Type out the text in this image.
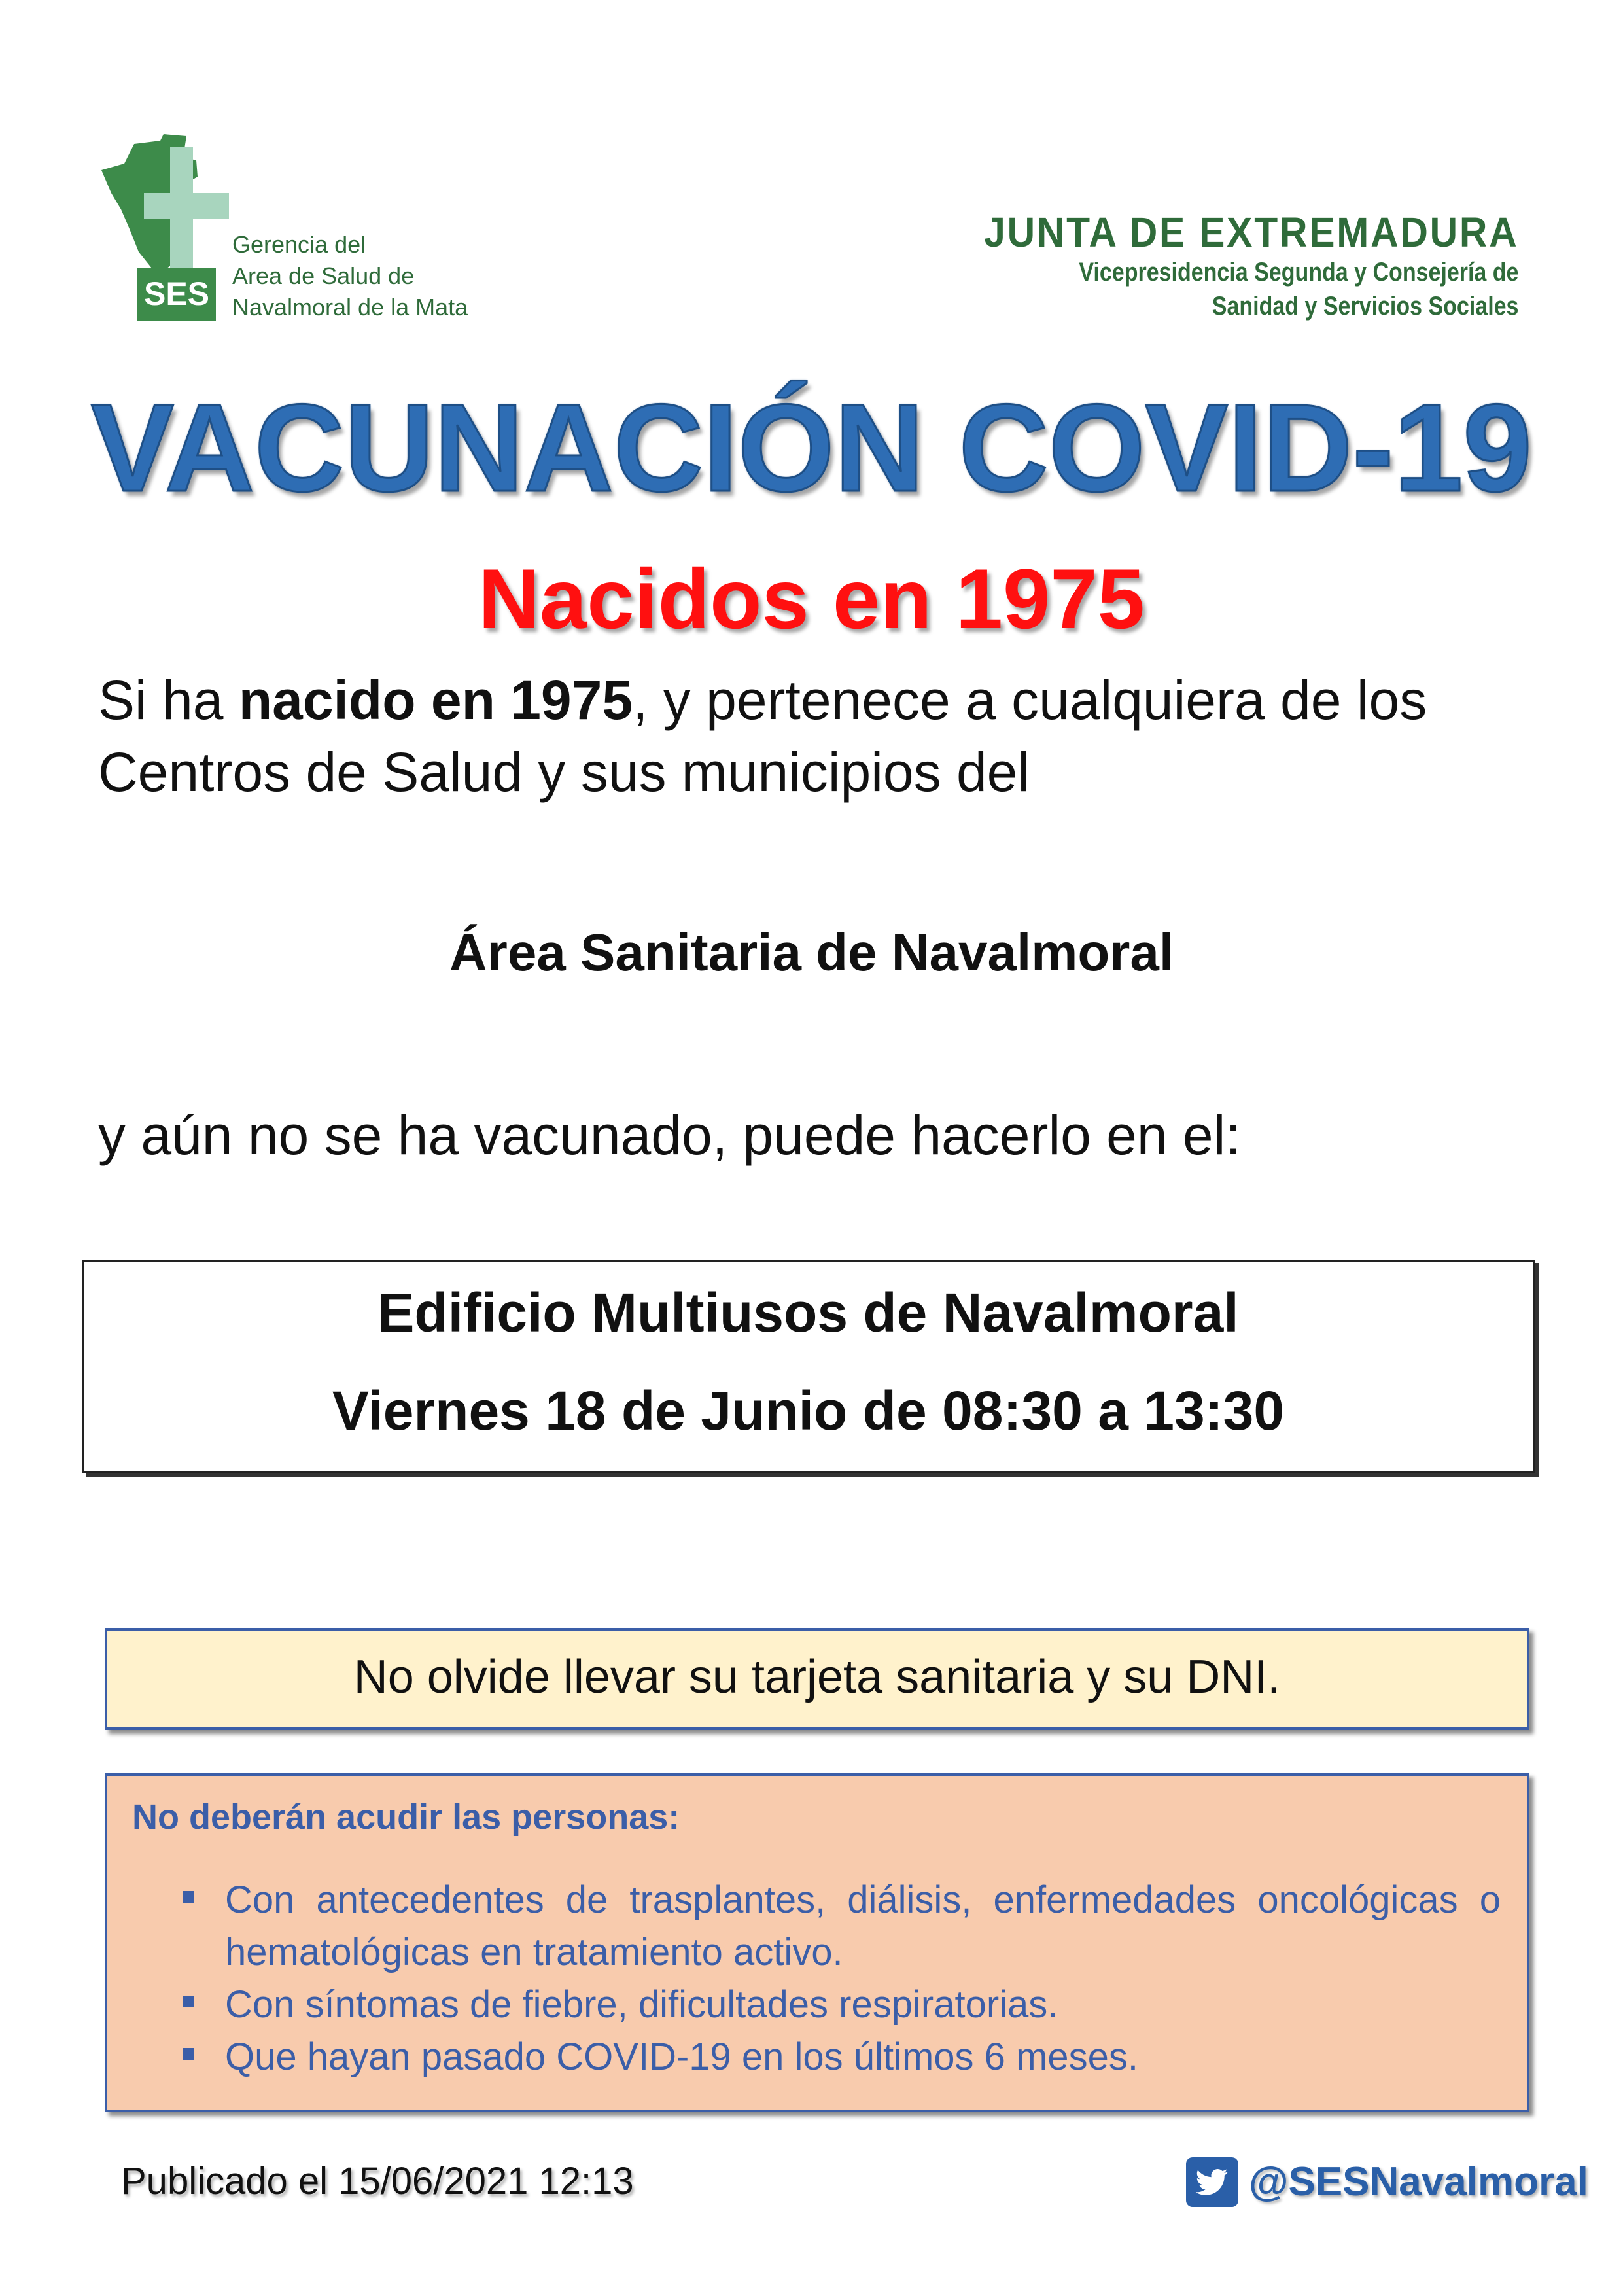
SES
Gerencia del
Area de Salud de
Navalmoral de la Mata
JUNTA DE EXTREMADURA
Vicepresidencia Segunda y Consejería de
Sanidad y Servicios Sociales
VACUNACIÓN COVID-19
Nacidos en 1975
Si ha nacido en 1975, y pertenece a cualquiera de los
Centros de Salud y sus municipios del
Área Sanitaria de Navalmoral
y aún no se ha vacunado, puede hacerlo en el:
Edificio Multiusos de Navalmoral
Viernes 18 de Junio de 08:30 a 13:30
No olvide llevar su tarjeta sanitaria y su DNI.
No deberán acudir las personas:
Con antecedentes de trasplantes, diálisis, enfermedades oncológicas o hematológicas en tratamiento activo.
Con síntomas de fiebre, dificultades respiratorias.
Que hayan pasado COVID-19 en los últimos 6 meses.
Publicado el 15/06/2021 12:13	@SESNavalmoral
